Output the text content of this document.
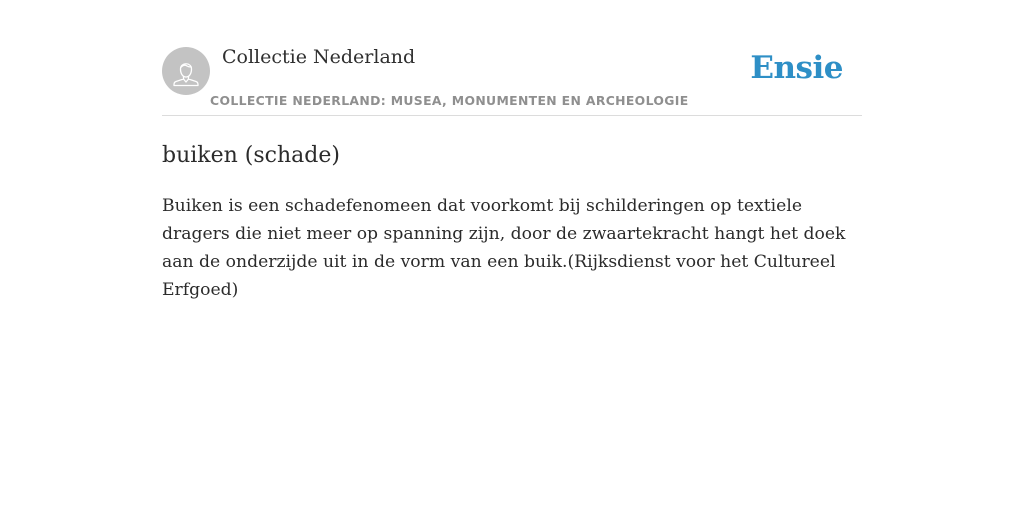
Collectie Nederland
COLLECTIE NEDERLAND: MUSEA, MONUMENTEN EN ARCHEOLOGIE
Ensie
buiken (schade)

Buiken is een schadefenomeen dat voorkomt bij schilderingen op textiele dragers die niet meer op spanning zijn, door de zwaartekracht hangt het doek aan de onderzijde uit in de vorm van een buik.(Rijksdienst voor het Cultureel Erfgoed)
